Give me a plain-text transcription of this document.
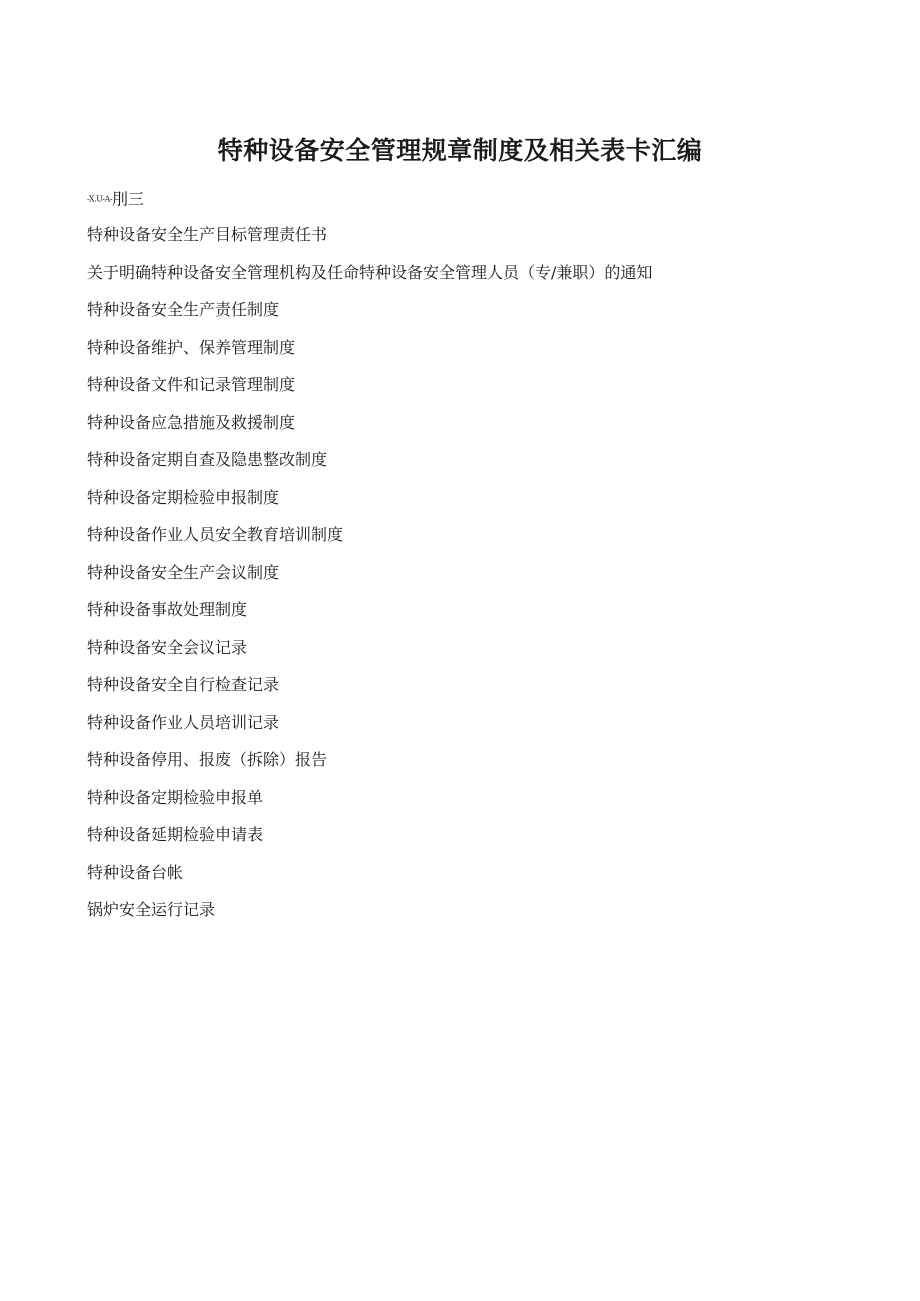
特种设备安全管理规章制度及相关表卡汇编
-X.U-A-刖三
特种设备安全生产目标管理责任书
关于明确特种设备安全管理机构及任命特种设备安全管理人员（专/兼职）的通知
特种设备安全生产责任制度
特种设备维护、保养管理制度
特种设备文件和记录管理制度
特种设备应急措施及救援制度
特种设备定期自查及隐患整改制度
特种设备定期检验申报制度
特种设备作业人员安全教育培训制度
特种设备安全生产会议制度
特种设备事故处理制度
特种设备安全会议记录
特种设备安全自行检查记录
特种设备作业人员培训记录
特种设备停用、报废（拆除）报告
特种设备定期检验申报单
特种设备延期检验申请表
特种设备台帐
锅炉安全运行记录
